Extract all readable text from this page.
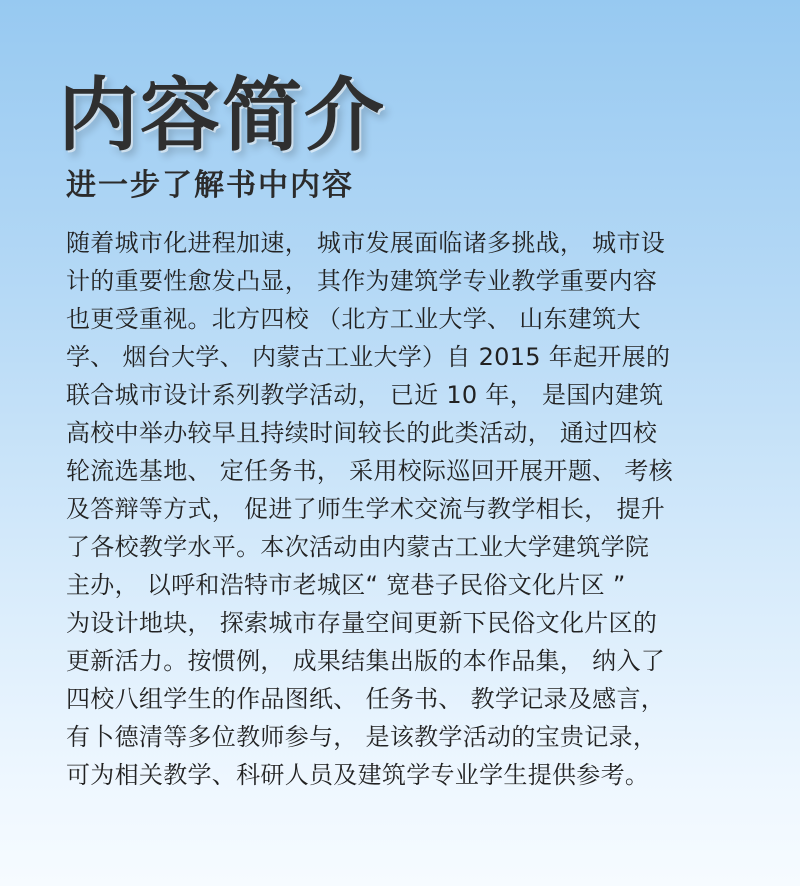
内容简介
进一步了解书中内容
随着城市化进程加速， 城市发展面临诸多挑战， 城市设
计的重要性愈发凸显， 其作为建筑学专业教学重要内容
也更受重视。北方四校 （北方工业大学、 山东建筑大
学、 烟台大学、 内蒙古工业大学）自 2015 年起开展的
联合城市设计系列教学活动， 已近 10 年， 是国内建筑
高校中举办较早且持续时间较长的此类活动， 通过四校
轮流选基地、 定任务书， 采用校际巡回开展开题、 考核
及答辩等方式， 促进了师生学术交流与教学相长， 提升
了各校教学水平。本次活动由内蒙古工业大学建筑学院
主办， 以呼和浩特市老城区“ 宽巷子民俗文化片区 ”
为设计地块， 探索城市存量空间更新下民俗文化片区的
更新活力。按惯例， 成果结集出版的本作品集， 纳入了
四校八组学生的作品图纸、 任务书、 教学记录及感言，
有卜德清等多位教师参与， 是该教学活动的宝贵记录，
可为相关教学、科研人员及建筑学专业学生提供参考。
